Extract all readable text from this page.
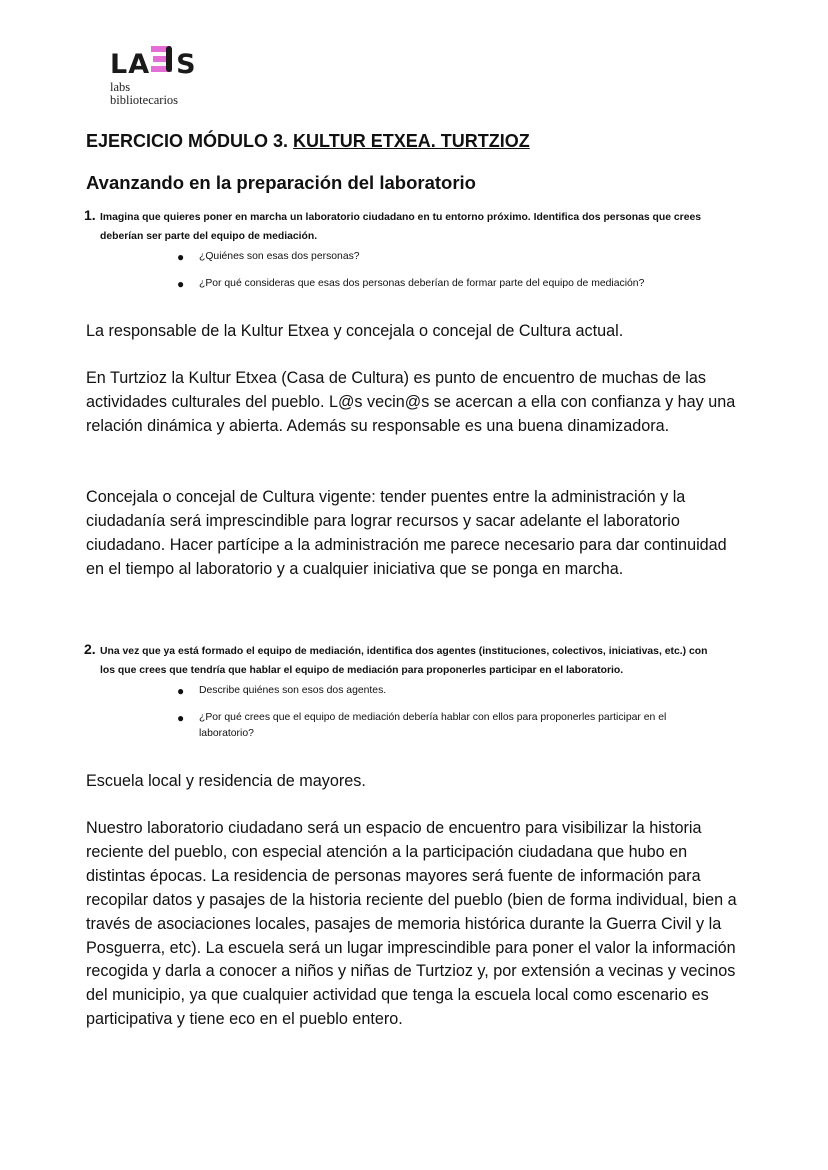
LA S
labs
bibliotecarios
EJERCICIO MÓDULO 3. KULTUR ETXEA. TURTZIOZ
Avanzando en la preparación del laboratorio
1. Imagina que quieres poner en marcha un laboratorio ciudadano en tu entorno próximo. Identifica dos personas que crees deberían ser parte del equipo de mediación.
●	¿Quiénes son esas dos personas?
●	¿Por qué consideras que esas dos personas deberían de formar parte del equipo de mediación?
La responsable de la Kultur Etxea y concejala o concejal de Cultura actual.
En Turtzioz la Kultur Etxea (Casa de Cultura) es punto de encuentro de muchas de las actividades culturales del pueblo. L@s vecin@s se acercan a ella con confianza y hay una relación dinámica y abierta. Además su responsable es una buena dinamizadora.
Concejala o concejal de Cultura vigente: tender puentes entre la administración y la ciudadanía será imprescindible para lograr recursos y sacar adelante el laboratorio ciudadano. Hacer partícipe a la administración me parece necesario para dar continuidad en el tiempo al laboratorio y a cualquier iniciativa que se ponga en marcha.
2. Una vez que ya está formado el equipo de mediación, identifica dos agentes (instituciones, colectivos, iniciativas, etc.) con los que crees que tendría que hablar el equipo de mediación para proponerles participar en el laboratorio.
●	Describe quiénes son esos dos agentes.
●	¿Por qué crees que el equipo de mediación debería hablar con ellos para proponerles participar en el laboratorio?
Escuela local y residencia de mayores.
Nuestro laboratorio ciudadano será un espacio de encuentro para visibilizar la historia reciente del pueblo, con especial atención a la participación ciudadana que hubo en distintas épocas. La residencia de personas mayores será fuente de información para recopilar datos y pasajes de la historia reciente del pueblo (bien de forma individual, bien a través de asociaciones locales, pasajes de memoria histórica durante la Guerra Civil y la Posguerra, etc). La escuela será un lugar imprescindible para poner el valor la información recogida y darla a conocer a niños y niñas de Turtzioz y, por extensión a vecinas y vecinos del municipio, ya que cualquier actividad que tenga la escuela local como escenario es participativa y tiene eco en el pueblo entero.
